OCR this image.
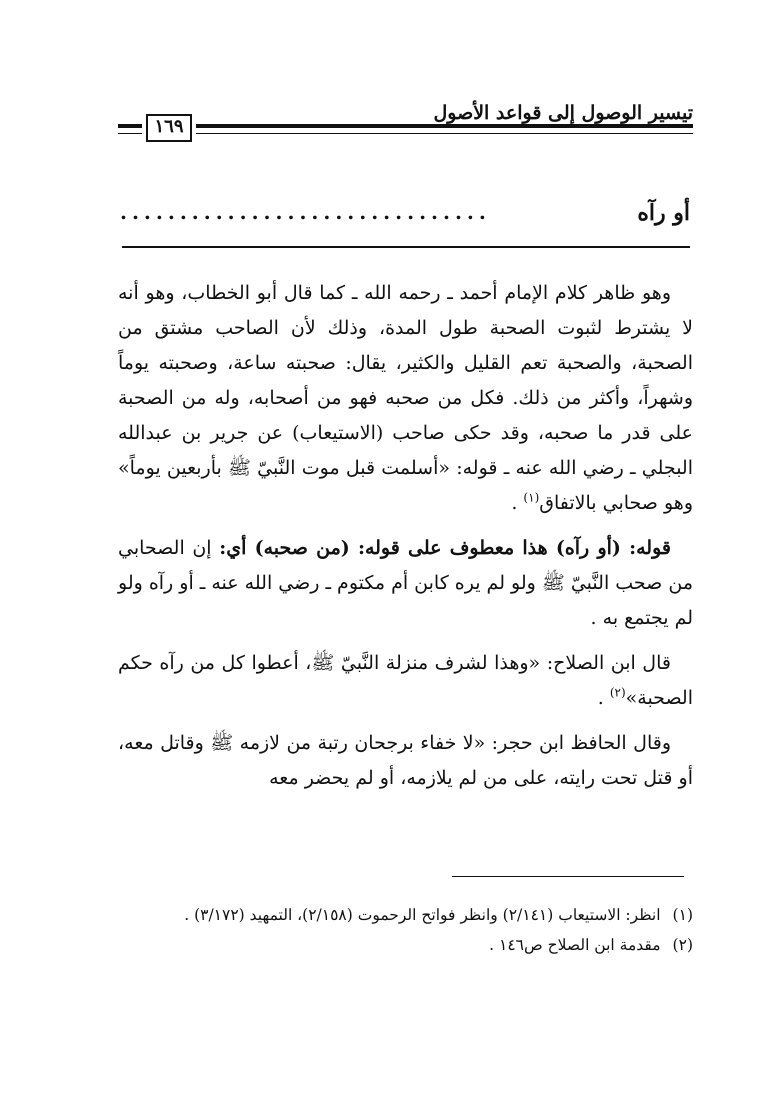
تيسير الوصول إلى قواعد الأصول
١٦٩
أو رآه
...............................

وهو ظاهر كلام الإمام أحمد ـ رحمه الله ـ كما قال أبو الخطاب، وهو أنه لا يشترط لثبوت الصحبة طول المدة، وذلك لأن الصاحب مشتق من الصحبة، والصحبة تعم القليل والكثير، يقال: صحبته ساعة، وصحبته يوماً وشهراً، وأكثر من ذلك. فكل من صحبه فهو من أصحابه، وله من الصحبة على قدر ما صحبه، وقد حكى صاحب (الاستيعاب) عن جرير بن عبدالله البجلي ـ رضي الله عنه ـ قوله: «أسلمت قبل موت النَّبيّ ﷺ بأربعين يوماً» وهو صحابي بالاتفاق$^{(١)}$ .

قوله: (أو رآه) هذا معطوف على قوله: (من صحبه) أي: إن الصحابي من صحب النَّبيّ ﷺ ولو لم يره كابن أم مكتوم ـ رضي الله عنه ـ أو رآه ولو لم يجتمع به .

قال ابن الصلاح: «وهذا لشرف منزلة النَّبيّ ﷺ، أعطوا كل من رآه حكم الصحبة»$^{(٢)}$ .

وقال الحافظ ابن حجر: «لا خفاء برجحان رتبة من لازمه ﷺ وقاتل معه، أو قتل تحت رايته، على من لم يلازمه، أو لم يحضر معه

(١)انظر: الاستيعاب (٢/١٤١) وانظر فواتح الرحموت (٢/١٥٨)، التمهيد (٣/١٧٢) .

(٢)مقدمة ابن الصلاح ص١٤٦ .
